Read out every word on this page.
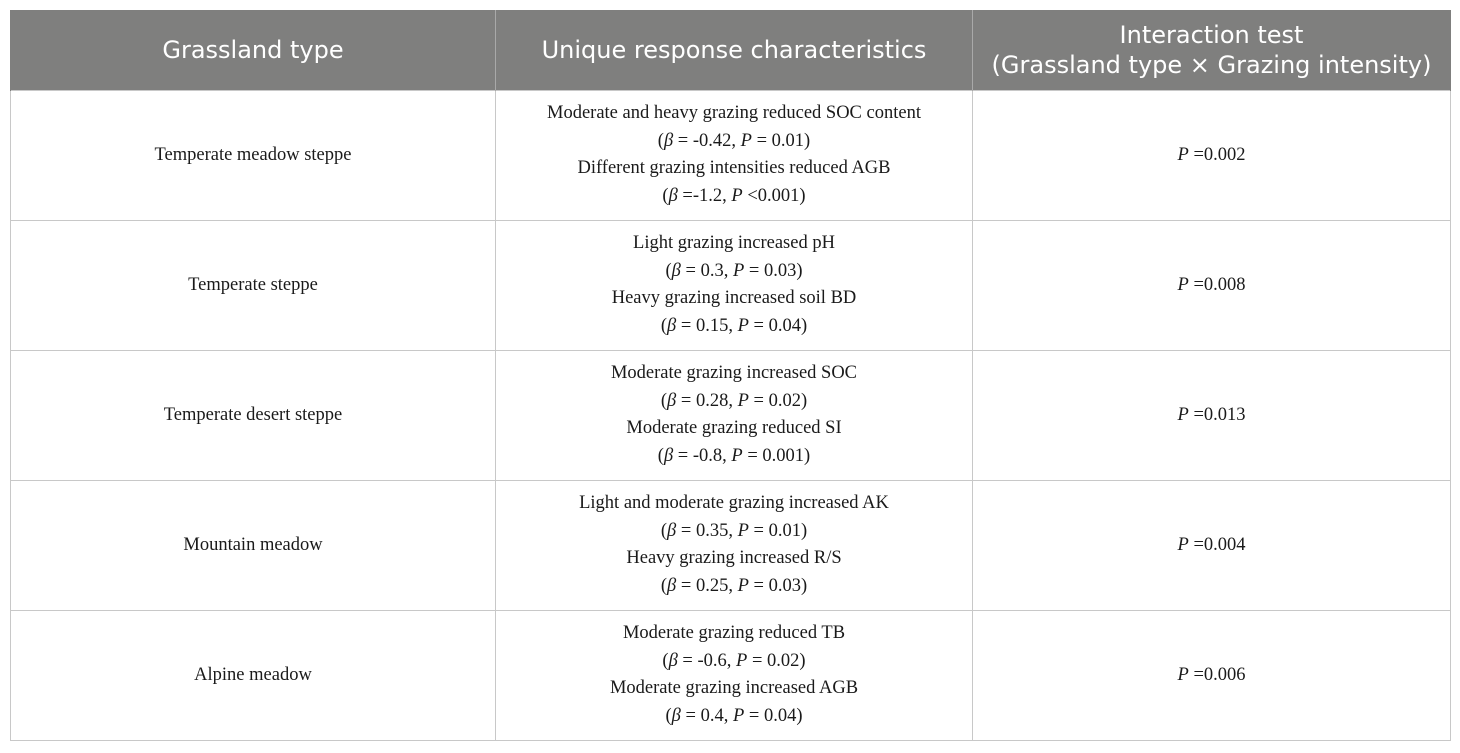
Grassland type	Unique response characteristics	Interaction test
(Grassland type × Grazing intensity)
Temperate meadow steppe	Moderate and heavy grazing reduced SOC content
(β = -0.42, P = 0.01)
Different grazing intensities reduced AGB
(β =-1.2, P <0.001)	P =0.002
Temperate steppe	Light grazing increased pH
(β = 0.3, P = 0.03)
Heavy grazing increased soil BD
(β = 0.15, P = 0.04)	P =0.008
Temperate desert steppe	Moderate grazing increased SOC
(β = 0.28, P = 0.02)
Moderate grazing reduced SI
(β = -0.8, P = 0.001)	P =0.013
Mountain meadow	Light and moderate grazing increased AK
(β = 0.35, P = 0.01)
Heavy grazing increased R/S
(β = 0.25, P = 0.03)	P =0.004
Alpine meadow	Moderate grazing reduced TB
(β = -0.6, P = 0.02)
Moderate grazing increased AGB
(β = 0.4, P = 0.04)	P =0.006
